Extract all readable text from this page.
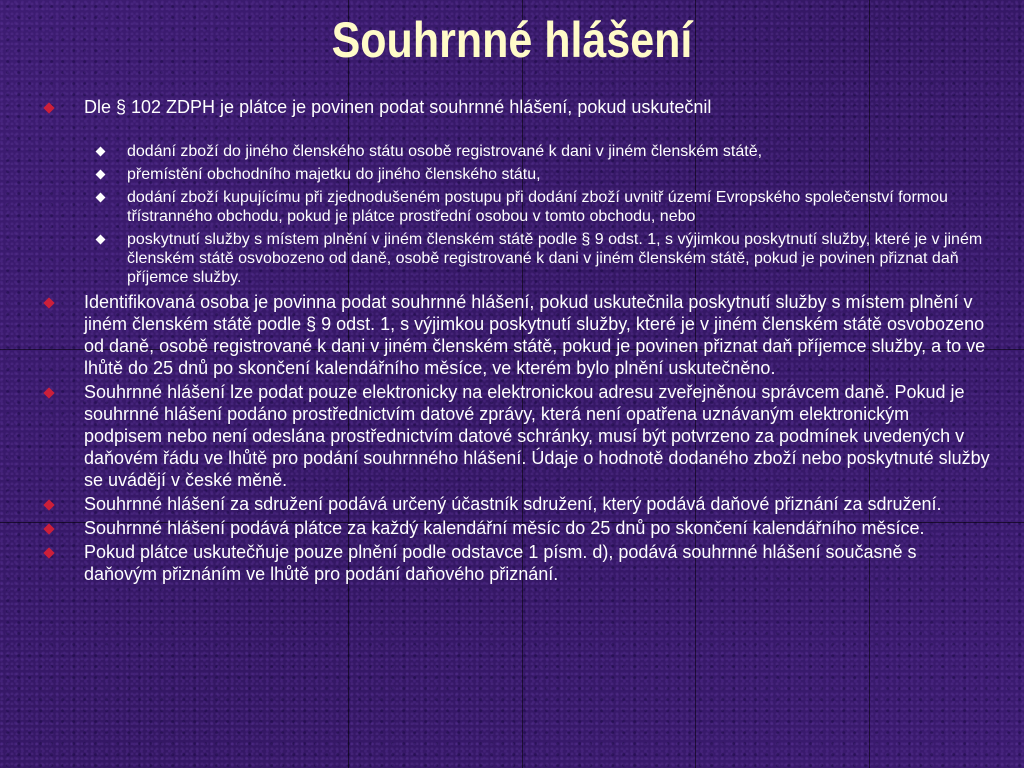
Souhrnné hlášení
Dle § 102 ZDPH je plátce je povinen podat souhrnné hlášení, pokud uskutečnil
dodání zboží do jiného členského státu osobě registrované k dani v jiném členském státě,
přemístění obchodního majetku do jiného členského státu,
dodání zboží kupujícímu při zjednodušeném postupu při dodání zboží uvnitř území Evropského společenství formou třístranného obchodu, pokud je plátce prostřední osobou v tomto obchodu, nebo
poskytnutí služby s místem plnění v jiném členském státě podle § 9 odst. 1, s výjimkou poskytnutí služby, které je v jiném členském státě osvobozeno od daně, osobě registrované k dani v jiném členském státě, pokud je povinen přiznat daň příjemce služby.
Identifikovaná osoba je povinna podat souhrnné hlášení, pokud uskutečnila poskytnutí služby s místem plnění v jiném členském státě podle § 9 odst. 1, s výjimkou poskytnutí služby, které je v jiném členském státě osvobozeno od daně, osobě registrované k dani v jiném členském státě, pokud je povinen přiznat daň příjemce služby, a to ve lhůtě do 25 dnů po skončení kalendářního měsíce, ve kterém bylo plnění uskutečněno.
Souhrnné hlášení lze podat pouze elektronicky na elektronickou adresu zveřejněnou správcem daně. Pokud je souhrnné hlášení podáno prostřednictvím datové zprávy, která není opatřena uznávaným elektronickým podpisem nebo není odeslána prostřednictvím datové schránky, musí být potvrzeno za podmínek uvedených v daňovém řádu ve lhůtě pro podání souhrnného hlášení. Údaje o hodnotě dodaného zboží nebo poskytnuté služby se uvádějí v české měně.
Souhrnné hlášení za sdružení podává určený účastník sdružení, který podává daňové přiznání za sdružení.
Souhrnné hlášení podává plátce za každý kalendářní měsíc do 25 dnů po skončení kalendářního měsíce.
Pokud plátce uskutečňuje pouze plnění podle odstavce 1 písm. d), podává souhrnné hlášení současně s daňovým přiznáním ve lhůtě pro podání daňového přiznání.
